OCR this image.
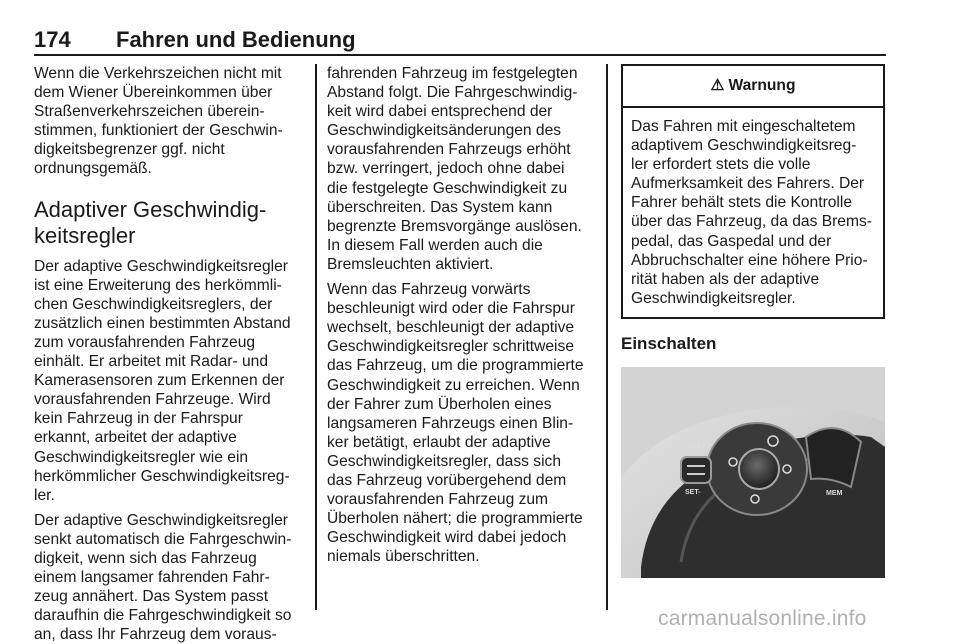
174 Fahren und Bedienung

Wenn die Verkehrszeichen nicht mit
dem Wiener Übereinkommen über
Straßenverkehrszeichen überein-
stimmen, funktioniert der Geschwin-
digkeitsbegrenzer ggf. nicht
ordnungsgemäß.

Adaptiver Geschwindig-
keitsregler

Der adaptive Geschwindigkeitsregler
ist eine Erweiterung des herkömmli-
chen Geschwindigkeitsreglers, der
zusätzlich einen bestimmten Abstand
zum vorausfahrenden Fahrzeug
einhält. Er arbeitet mit Radar- und
Kamerasensoren zum Erkennen der
vorausfahrenden Fahrzeuge. Wird
kein Fahrzeug in der Fahrspur
erkannt, arbeitet der adaptive
Geschwindigkeitsregler wie ein
herkömmlicher Geschwindigkeitsreg-
ler.

Der adaptive Geschwindigkeitsregler
senkt automatisch die Fahrgeschwin-
digkeit, wenn sich das Fahrzeug
einem langsamer fahrenden Fahr-
zeug annähert. Das System passt
daraufhin die Fahrgeschwindigkeit so
an, dass Ihr Fahrzeug dem voraus-

fahrenden Fahrzeug im festgelegten
Abstand folgt. Die Fahrgeschwindig-
keit wird dabei entsprechend der
Geschwindigkeitsänderungen des
vorausfahrenden Fahrzeugs erhöht
bzw. verringert, jedoch ohne dabei
die festgelegte Geschwindigkeit zu
überschreiten. Das System kann
begrenzte Bremsvorgänge auslösen.
In diesem Fall werden auch die
Bremsleuchten aktiviert.

Wenn das Fahrzeug vorwärts
beschleunigt wird oder die Fahrspur
wechselt, beschleunigt der adaptive
Geschwindigkeitsregler schrittweise
das Fahrzeug, um die programmierte
Geschwindigkeit zu erreichen. Wenn
der Fahrer zum Überholen eines
langsameren Fahrzeugs einen Blin-
ker betätigt, erlaubt der adaptive
Geschwindigkeitsregler, dass sich
das Fahrzeug vorübergehend dem
vorausfahrenden Fahrzeug zum
Überholen nähert; die programmierte
Geschwindigkeit wird dabei jedoch
niemals überschritten.

⚠ Warnung
Das Fahren mit eingeschaltetem
adaptivem Geschwindigkeitsreg-
ler erfordert stets die volle
Aufmerksamkeit des Fahrers. Der
Fahrer behält stets die Kontrolle
über das Fahrzeug, da das Brems-
pedal, das Gaspedal und der
Abbruchschalter eine höhere Prio-
rität haben als der adaptive
Geschwindigkeitsregler.
Einschalten
RES+
SET-	MEM
carmanualsonline.info
